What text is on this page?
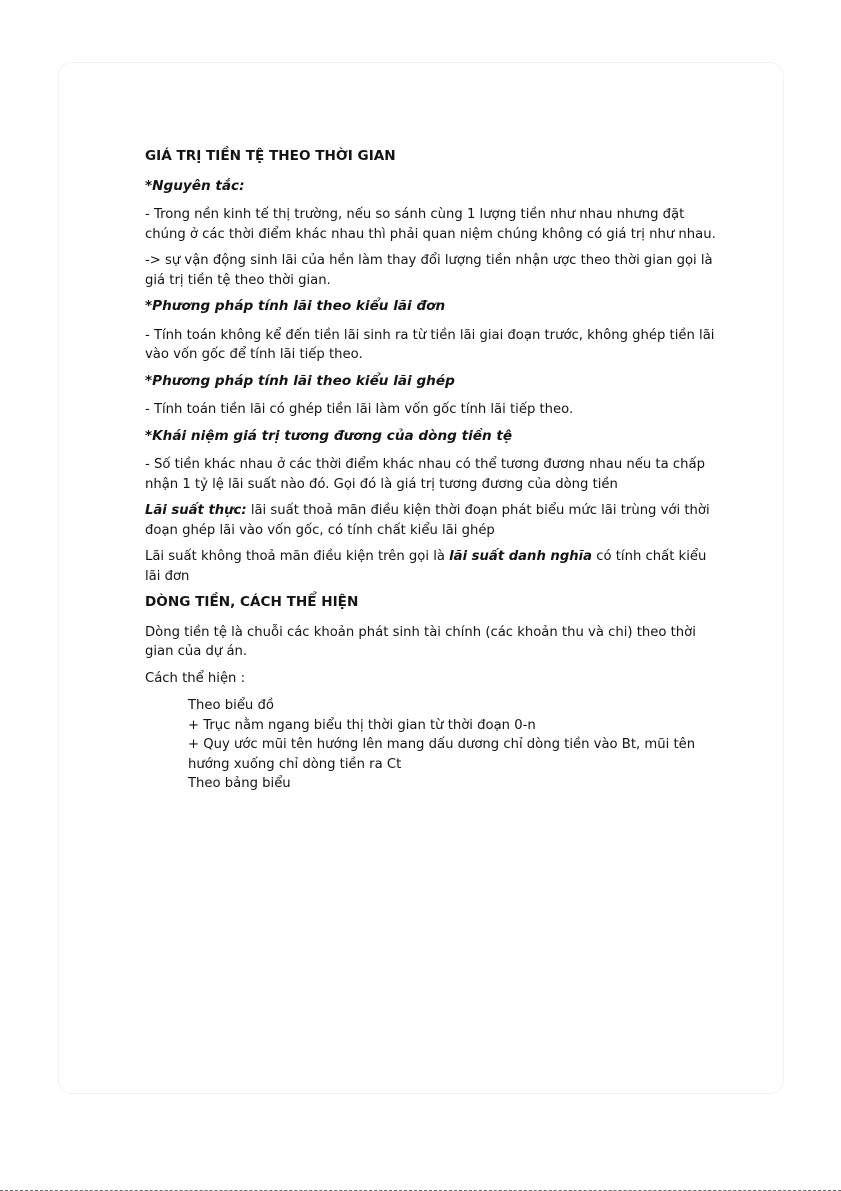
GIÁ TRỊ TIỀN TỆ THEO THỜI GIAN
*Nguyên tắc:
- Trong nền kinh tế thị trường, nếu so sánh cùng 1 lượng tiền như nhau nhưng đặt chúng ở các thời điểm khác nhau thì phải quan niệm chúng không có giá trị như nhau.
-> sự vận động sinh lãi của hền làm thay đổi lượng tiền nhận ược theo thời gian gọi là giá trị tiền tệ theo thời gian.
*Phương pháp tính lãi theo kiểu lãi đơn
- Tính toán không kể đến tiền lãi sinh ra từ tiền lãi giai đoạn trước, không ghép tiền lãi vào vốn gốc để tính lãi tiếp theo.
*Phương pháp tính lãi theo kiểu lãi ghép
- Tính toán tiền lãi có ghép tiền lãi làm vốn gốc tính lãi tiếp theo.
*Khái niệm giá trị tương đương của dòng tiền tệ
- Số tiền khác nhau ở các thời điểm khác nhau có thể tương đương nhau nếu ta chấp nhận 1 tỷ lệ lãi suất nào đó. Gọi đó là giá trị tương đương của dòng tiền
Lãi suất thực: lãi suất thoả mãn điều kiện thời đoạn phát biểu mức lãi trùng với thời đoạn ghép lãi vào vốn gốc, có tính chất kiểu lãi ghép
Lãi suất không thoả mãn điều kiện trên gọi là lãi suất danh nghĩa có tính chất kiểu lãi đơn
DÒNG TIỀN, CÁCH THỂ HIỆN
Dòng tiền tệ là chuỗi các khoản phát sinh tài chính (các khoản thu và chi) theo thời gian của dự án.
Cách thể hiện :
Theo biểu đồ
+ Trục nằm ngang biểu thị thời gian từ thời đoạn 0-n
+ Quy ước mũi tên hướng lên mang dấu dương chỉ dòng tiền vào Bt, mũi tên hướng xuống chỉ dòng tiền ra Ct
Theo bảng biểu
